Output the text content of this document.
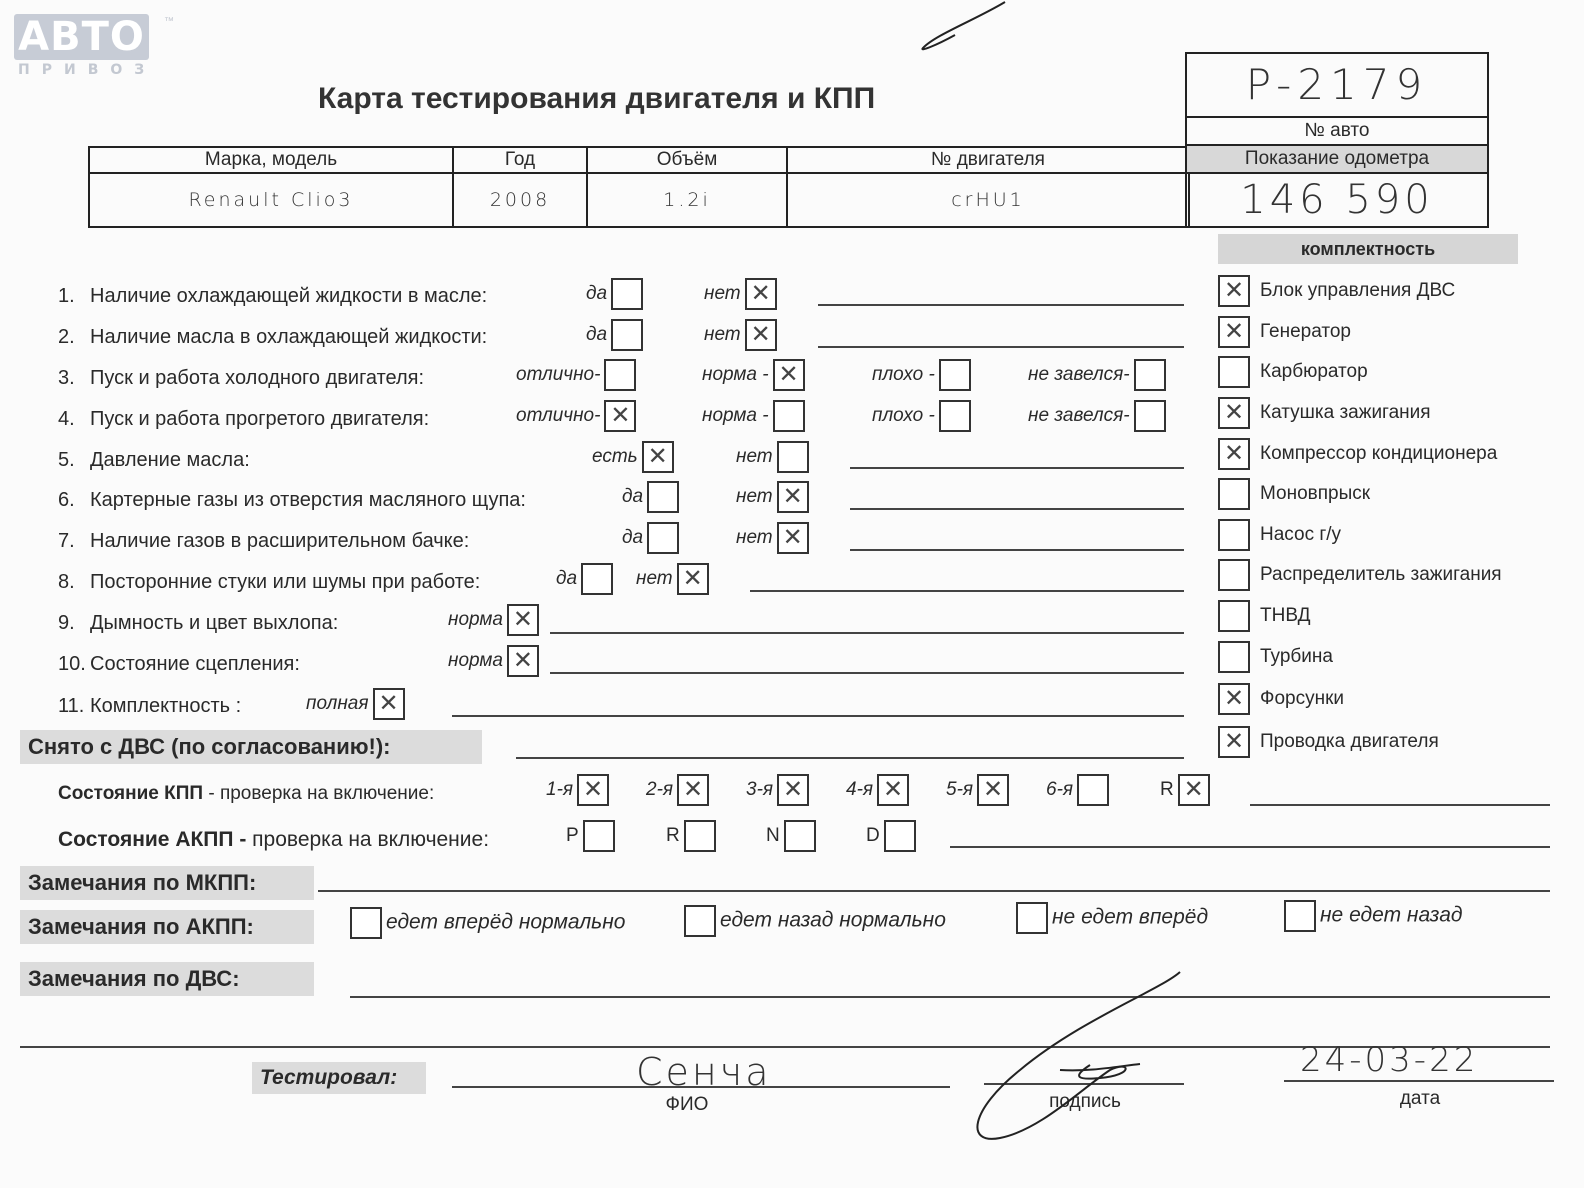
АВТО
ПРИВОЗ
™
Карта тестирования двигателя и КПП
Марка, модель	Год	Объём	№ двигателя
Renault Clio3	2008	1.2i	crHU1
P-2179
№ авто
Показание одометра
146 590
комплектность
1. Наличие охлаждающей жидкости в масле:	да	нет ✕
2. Наличие масла в охлаждающей жидкости:	да	нет ✕
3. Пуск и работа холодного двигателя:	отлично-	норма - ✕	плохо -	не завелся-
4. Пуск и работа прогретого двигателя:	отлично- ✕	норма -	плохо -	не завелся-
5. Давление масла:	есть ✕	нет
6. Картерные газы из отверстия масляного щупа:	да	нет ✕
7. Наличие газов в расширительном бачке:	да	нет ✕
8. Посторонние стуки или шумы при работе:	да	нет ✕
9. Дымность и цвет выхлопа:	норма ✕
10. Состояние сцепления:	норма ✕
11. Комплектность :	полная ✕
✕ Блок управления ДВС
✕ Генератор
Карбюратор
✕ Катушка зажигания
✕ Компрессор кондиционера
Моновпрыск
Насос г/у
Распределитель зажигания
ТНВД
Турбина
✕ Форсунки
✕ Проводка двигателя
Снято с ДВС (по согласованию!):
Состояние КПП - проверка на включение:	1-я ✕	2-я ✕	3-я ✕	4-я ✕	5-я ✕	6-я	R ✕
Состояние АКПП - проверка на включение:	P	R	N	D
Замечания по МКПП:
Замечания по АКПП:	едет вперёд нормально	едет назад нормально	не едет вперёд	не едет назад
Замечания по ДВС:
Тестировал:	Сенча
ФИО	подпись
24-03-22
дата
